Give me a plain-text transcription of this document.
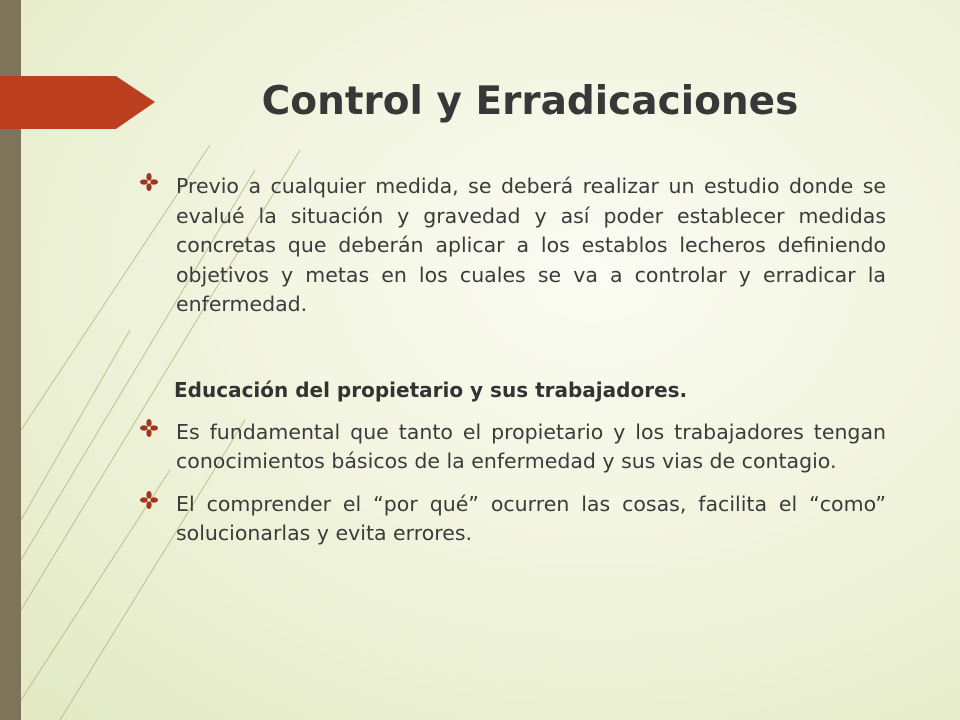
Control y Erradicaciones
Previo a cualquier medida, se deberá realizar un estudio donde se evalué la situación y gravedad y así poder establecer medidas concretas que deberán aplicar a los establos lecheros definiendo objetivos y metas en los cuales se va a controlar y erradicar la enfermedad.

Educación del propietario y sus trabajadores.

Es fundamental que tanto el propietario y los trabajadores tengan conocimientos básicos de la enfermedad y sus vias de contagio.
El comprender el “por qué” ocurren las cosas, facilita el “como” solucionarlas y evita errores.
